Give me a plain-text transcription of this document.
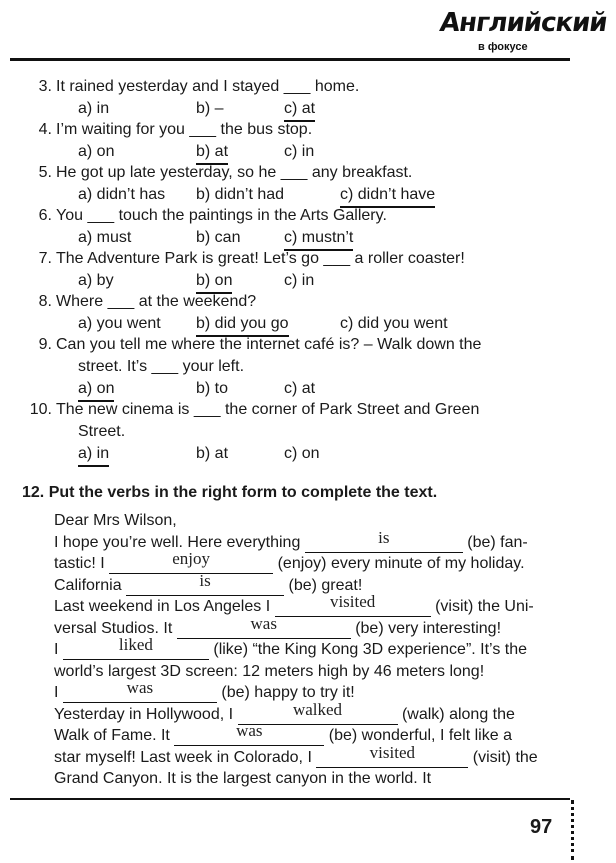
Английский
в фокусе
3. It rained yesterday and I stayed ___ home.
a) in	b) –	c) at
4. I’m waiting for you ___ the bus stop.
a) on	b) at	c) in
5. He got up late yesterday, so he ___ any breakfast.
a) didn’t has b) didn’t had	c) didn’t have
6. You ___ touch the paintings in the Arts Gallery.
a) must	b) can	c) mustn’t
7. The Adventure Park is great! Let’s go ___ a roller coaster!
a) by	b) on	c) in
8. Where ___ at the weekend?
a) you went b) did you go	c) did you went
9. Can you tell me where the internet café is? – Walk down the
street. It’s ___ your left.
a) on	b) to	c) at
10. The new cinema is ___ the corner of Park Street and Green
Street.
a) in	b) at	c) on
12. Put the verbs in the right form to complete the text.
Dear Mrs Wilson,
I hope you’re well. Here everything	is	(be) fan-
tastic! I	enjoy	(enjoy) every minute of my holiday.
California	is	(be) great!
Last weekend in Los Angeles I	visited	(visit) the Uni-
versal Studios. It	was	(be) very interesting!
I	liked	(like) “the King Kong 3D experience”. It’s the
world’s largest 3D screen: 12 meters high by 46 meters long!
I	was	(be) happy to try it!
Yesterday in Hollywood, I	walked	(walk) along the
Walk of Fame. It	was	(be) wonderful, I felt like a
star myself! Last week in Colorado, I	visited	(visit) the
Grand Canyon. It is the largest canyon in the world. It
97
